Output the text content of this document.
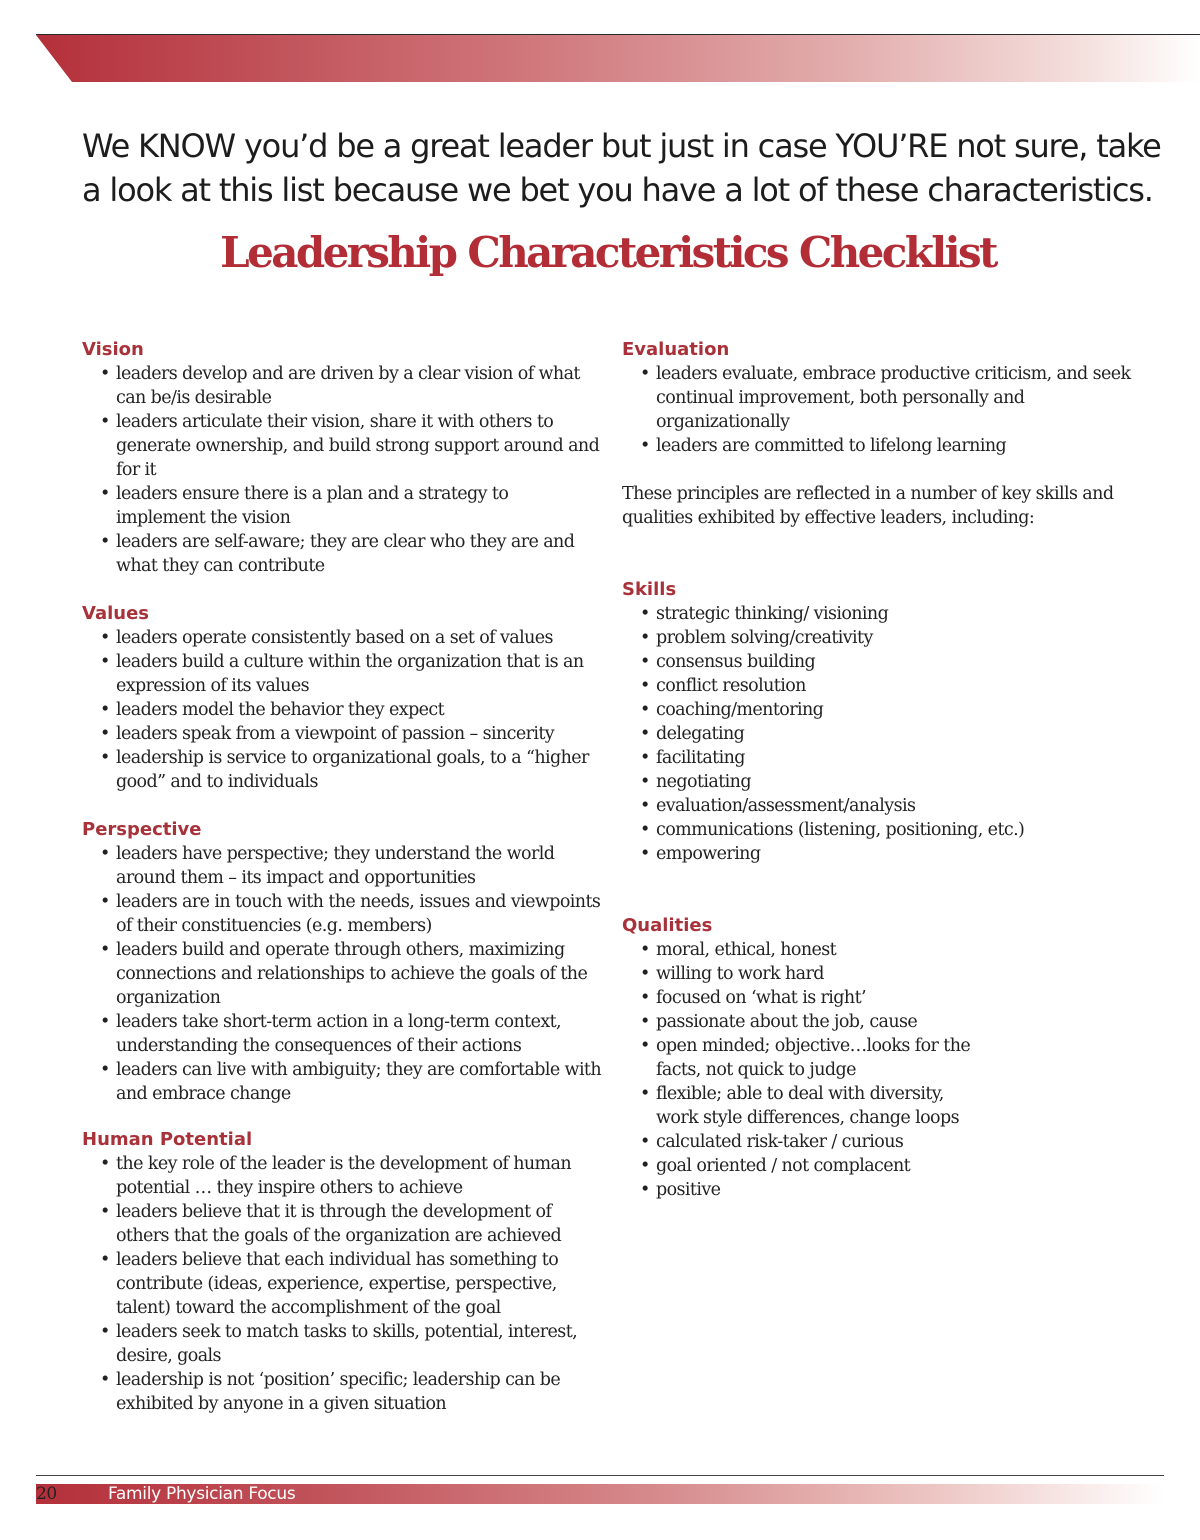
We KNOW you’d be a great leader but just in case YOU’RE not sure, take a look at this list because we bet you have a lot of these characteristics.

Leadership Characteristics Checklist
Vision
• leaders develop and are driven by a clear vision of what can be/is desirable
• leaders articulate their vision, share it with others to generate ownership, and build strong support around and for it
• leaders ensure there is a plan and a strategy to implement the vision
• leaders are self-aware; they are clear who they are and what they can contribute
Values
• leaders operate consistently based on a set of values
• leaders build a culture within the organization that is an expression of its values
• leaders model the behavior they expect
• leaders speak from a viewpoint of passion – sincerity
• leadership is service to organizational goals, to a “higher good” and to individuals
Perspective
• leaders have perspective; they understand the world around them – its impact and opportunities
• leaders are in touch with the needs, issues and viewpoints of their constituencies (e.g. members)
• leaders build and operate through others, maximizing connections and relationships to achieve the goals of the organization
• leaders take short-term action in a long-term context, understanding the consequences of their actions
• leaders can live with ambiguity; they are comfortable with and embrace change
Human Potential
• the key role of the leader is the development of human potential … they inspire others to achieve
• leaders believe that it is through the development of others that the goals of the organization are achieved
• leaders believe that each individual has something to contribute (ideas, experience, expertise, perspective, talent) toward the accomplishment of the goal
• leaders seek to match tasks to skills, potential, interest, desire, goals
• leadership is not ‘position’ specific; leadership can be exhibited by anyone in a given situation
Evaluation
• leaders evaluate, embrace productive criticism, and seek continual improvement, both personally and organizationally
• leaders are committed to lifelong learning

These principles are reflected in a number of key skills and qualities exhibited by effective leaders, including:

Skills
• strategic thinking/ visioning
• problem solving/creativity
• consensus building
• conflict resolution
• coaching/mentoring
• delegating
• facilitating
• negotiating
• evaluation/assessment/analysis
• communications (listening, positioning, etc.)
• empowering
Qualities
• moral, ethical, honest
• willing to work hard
• focused on ‘what is right’
• passionate about the job, cause
• open minded; objective…looks for the
facts, not quick to judge
• flexible; able to deal with diversity,
work style differences, change loops
• calculated risk-taker / curious
• goal oriented / not complacent
• positive
20	Family Physician Focus
